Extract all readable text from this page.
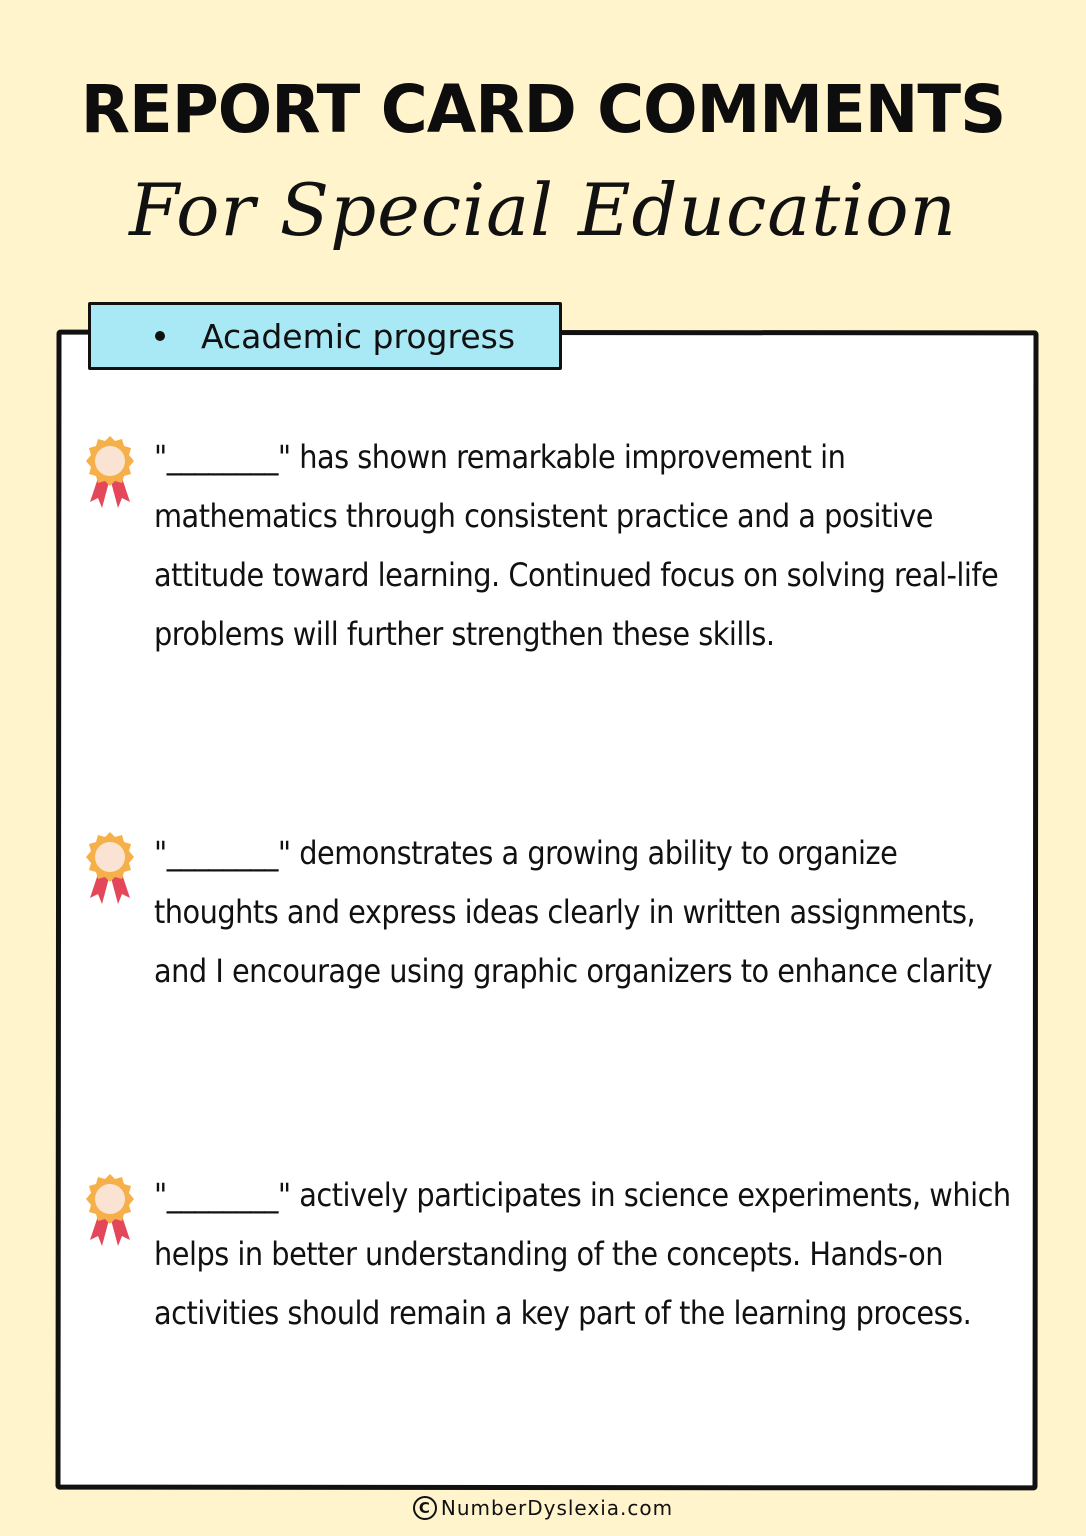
REPORT CARD COMMENTS
For Special Education
Academic progress
"________" has shown remarkable improvement in mathematics through consistent practice and a positive attitude toward learning. Continued focus on solving real-life problems will further strengthen these skills.
"________" demonstrates a growing ability to organize thoughts and express ideas clearly in written assignments, and I encourage using graphic organizers to enhance clarity
"________" actively participates in science experiments, which helps in better understanding of the concepts. Hands-on activities should remain a key part of the learning process.
C NumberDyslexia.com
